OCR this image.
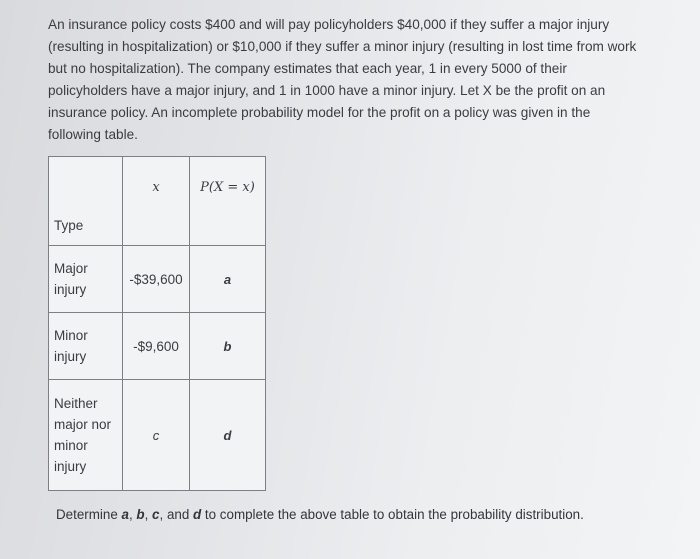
An insurance policy costs $400 and will pay policyholders $40,000 if they suffer a major injury
(resulting in hospitalization) or $10,000 if they suffer a minor injury (resulting in lost time from work
but no hospitalization). The company estimates that each year, 1 in every 5000 of their
policyholders have a major injury, and 1 in 1000 have a minor injury. Let X be the profit on an
insurance policy. An incomplete probability model for the profit on a policy was given in the
following table.

Type	x	P(X = x)

Major
injury	-$39,600	a

Minor
injury	-$9,600	b

Neither
major nor
minor
injury	c	d

Determine a, b, c, and d to complete the above table to obtain the probability distribution.
